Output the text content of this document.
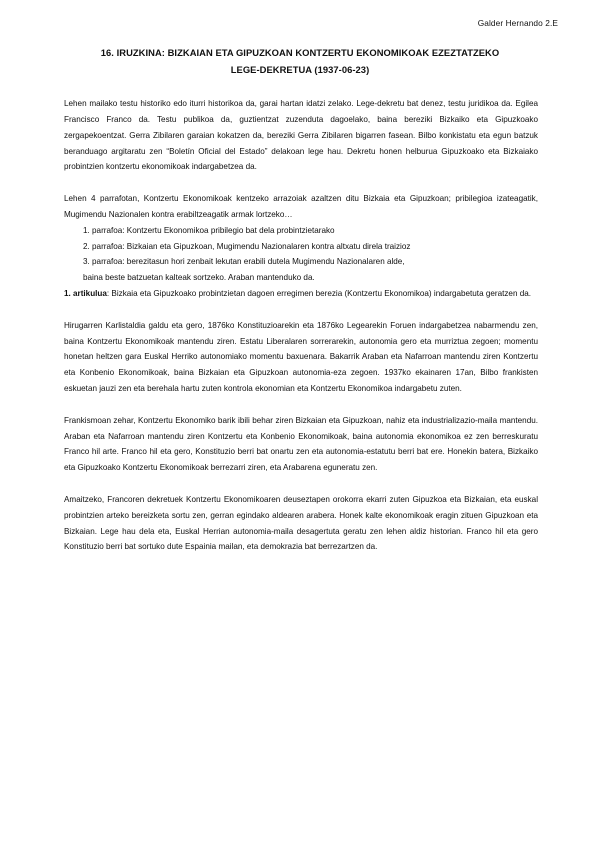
Galder Hernando 2.E
16. IRUZKINA: BIZKAIAN ETA GIPUZKOAN KONTZERTU EKONOMIKOAK EZEZTATZEKO
LEGE-DEKRETUA (1937-06-23)

Lehen mailako testu historiko edo iturri historikoa da, garai hartan idatzi zelako. Lege-dekretu bat denez, testu juridikoa da. Egilea Francisco Franco da. Testu publikoa da, guztientzat zuzenduta dagoelako, baina bereziki Bizkaiko eta Gipuzkoako zergapekoentzat. Gerra Zibilaren garaian kokatzen da, bereziki Gerra Zibilaren bigarren fasean. Bilbo konkistatu eta egun batzuk beranduago argitaratu zen “Boletín Oficial del Estado” delakoan lege hau. Dekretu honen helburua Gipuzkoako eta Bizkaiako probintzien kontzertu ekonomikoak indargabetzea da.

Lehen 4 parrafotan, Kontzertu Ekonomikoak kentzeko arrazoiak azaltzen ditu Bizkaia eta Gipuzkoan; pribilegioa izateagatik, Mugimendu Nazionalen kontra erabiltzeagatik armak lortzeko…

1. parrafoa: Kontzertu Ekonomikoa pribilegio bat dela probintzietarako

2. parrafoa: Bizkaian eta Gipuzkoan, Mugimendu Nazionalaren kontra altxatu direla traizioz

3. parrafoa: berezitasun hori zenbait lekutan erabili dutela Mugimendu Nazionalaren alde,
baina beste batzuetan kalteak sortzeko. Araban mantenduko da.

1. artikulua: Bizkaia eta Gipuzkoako probintzietan dagoen erregimen berezia (Kontzertu Ekonomikoa) indargabetuta geratzen da.

Hirugarren Karlistaldia galdu eta gero, 1876ko Konstituzioarekin eta 1876ko Legearekin Foruen indargabetzea nabarmendu zen, baina Kontzertu Ekonomikoak mantendu ziren. Estatu Liberalaren sorrerarekin, autonomia gero eta murriztua zegoen; momentu honetan heltzen gara Euskal Herriko autonomiako momentu baxuenara. Bakarrik Araban eta Nafarroan mantendu ziren Kontzertu eta Konbenio Ekonomikoak, baina Bizkaian eta Gipuzkoan autonomia-eza zegoen. 1937ko ekainaren 17an, Bilbo frankisten eskuetan jauzi zen eta berehala hartu zuten kontrola ekonomian eta Kontzertu Ekonomikoa indargabetu zuten.

Frankismoan zehar, Kontzertu Ekonomiko barik ibili behar ziren Bizkaian eta Gipuzkoan, nahiz eta industrializazio-maila mantendu. Araban eta Nafarroan mantendu ziren Kontzertu eta Konbenio Ekonomikoak, baina autonomia ekonomikoa ez zen berreskuratu Franco hil arte. Franco hil eta gero, Konstituzio berri bat onartu zen eta autonomia-estatutu berri bat ere. Honekin batera, Bizkaiko eta Gipuzkoako Kontzertu Ekonomikoak berrezarri ziren, eta Arabarena eguneratu zen.

Amaitzeko, Francoren dekretuek Kontzertu Ekonomikoaren deuseztapen orokorra ekarri zuten Gipuzkoa eta Bizkaian, eta euskal probintzien arteko bereizketa sortu zen, gerran egindako aldearen arabera. Honek kalte ekonomikoak eragin zituen Gipuzkoan eta Bizkaian. Lege hau dela eta, Euskal Herrian autonomia-maila desagertuta geratu zen lehen aldiz historian. Franco hil eta gero Konstituzio berri bat sortuko dute Espainia mailan, eta demokrazia bat berrezartzen da.
